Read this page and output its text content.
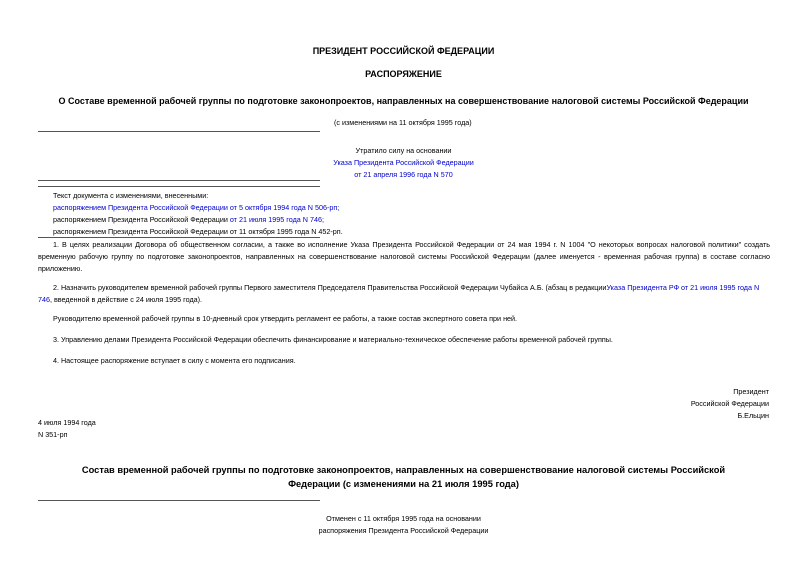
ПРЕЗИДЕНТ РОССИЙСКОЙ ФЕДЕРАЦИИ
РАСПОРЯЖЕНИЕ
О Составе временной рабочей группы по подготовке законопроектов, направленных на совершенствование налоговой системы Российской Федерации
(с изменениями на 11 октября 1995 года)
Утратило силу на основании
Указа Президента Российской Федерации
от 21 апреля 1996 года N 570
Текст документа с изменениями, внесенными:
распоряжением Президента Российской Федерации от 5 октября 1994 года N 506-рп;
распоряжением Президента Российской Федерации от 21 июля 1995 года N 746;
распоряжением Президента Российской Федерации от 11 октября 1995 года N 452-рп.
1. В целях реализации Договора об общественном согласии, а также во исполнение Указа Президента Российской Федерации от 24 мая 1994 г. N 1004 "О некоторых вопросах налоговой политики" создать временную рабочую группу по подготовке законопроектов, направленных на совершенствование налоговой системы Российской Федерации (далее именуется - временная рабочая группа) в составе согласно приложению.
2. Назначить руководителем временной рабочей группы Первого заместителя Председателя Правительства Российской Федерации Чубайса А.Б. (абзац в редакцииУказа Президента РФ от 21 июля 1995 года N 746, введенной в действие с 24 июля 1995 года).
Руководителю временной рабочей группы в 10-дневный срок утвердить регламент ее работы, а также состав экспертного совета при ней.
3. Управлению делами Президента Российской Федерации обеспечить финансирование и материально-техническое обеспечение работы временной рабочей группы.
4. Настоящее распоряжение вступает в силу с момента его подписания.
Президент
Российской Федерации
Б.Ельцин
4 июля 1994 года
N 351-рп
Состав временной рабочей группы по подготовке законопроектов, направленных на совершенствование налоговой системы Российской Федерации (с изменениями на 21 июля 1995 года)
Отменен с 11 октября 1995 года на основании
распоряжения Президента Российской Федерации
